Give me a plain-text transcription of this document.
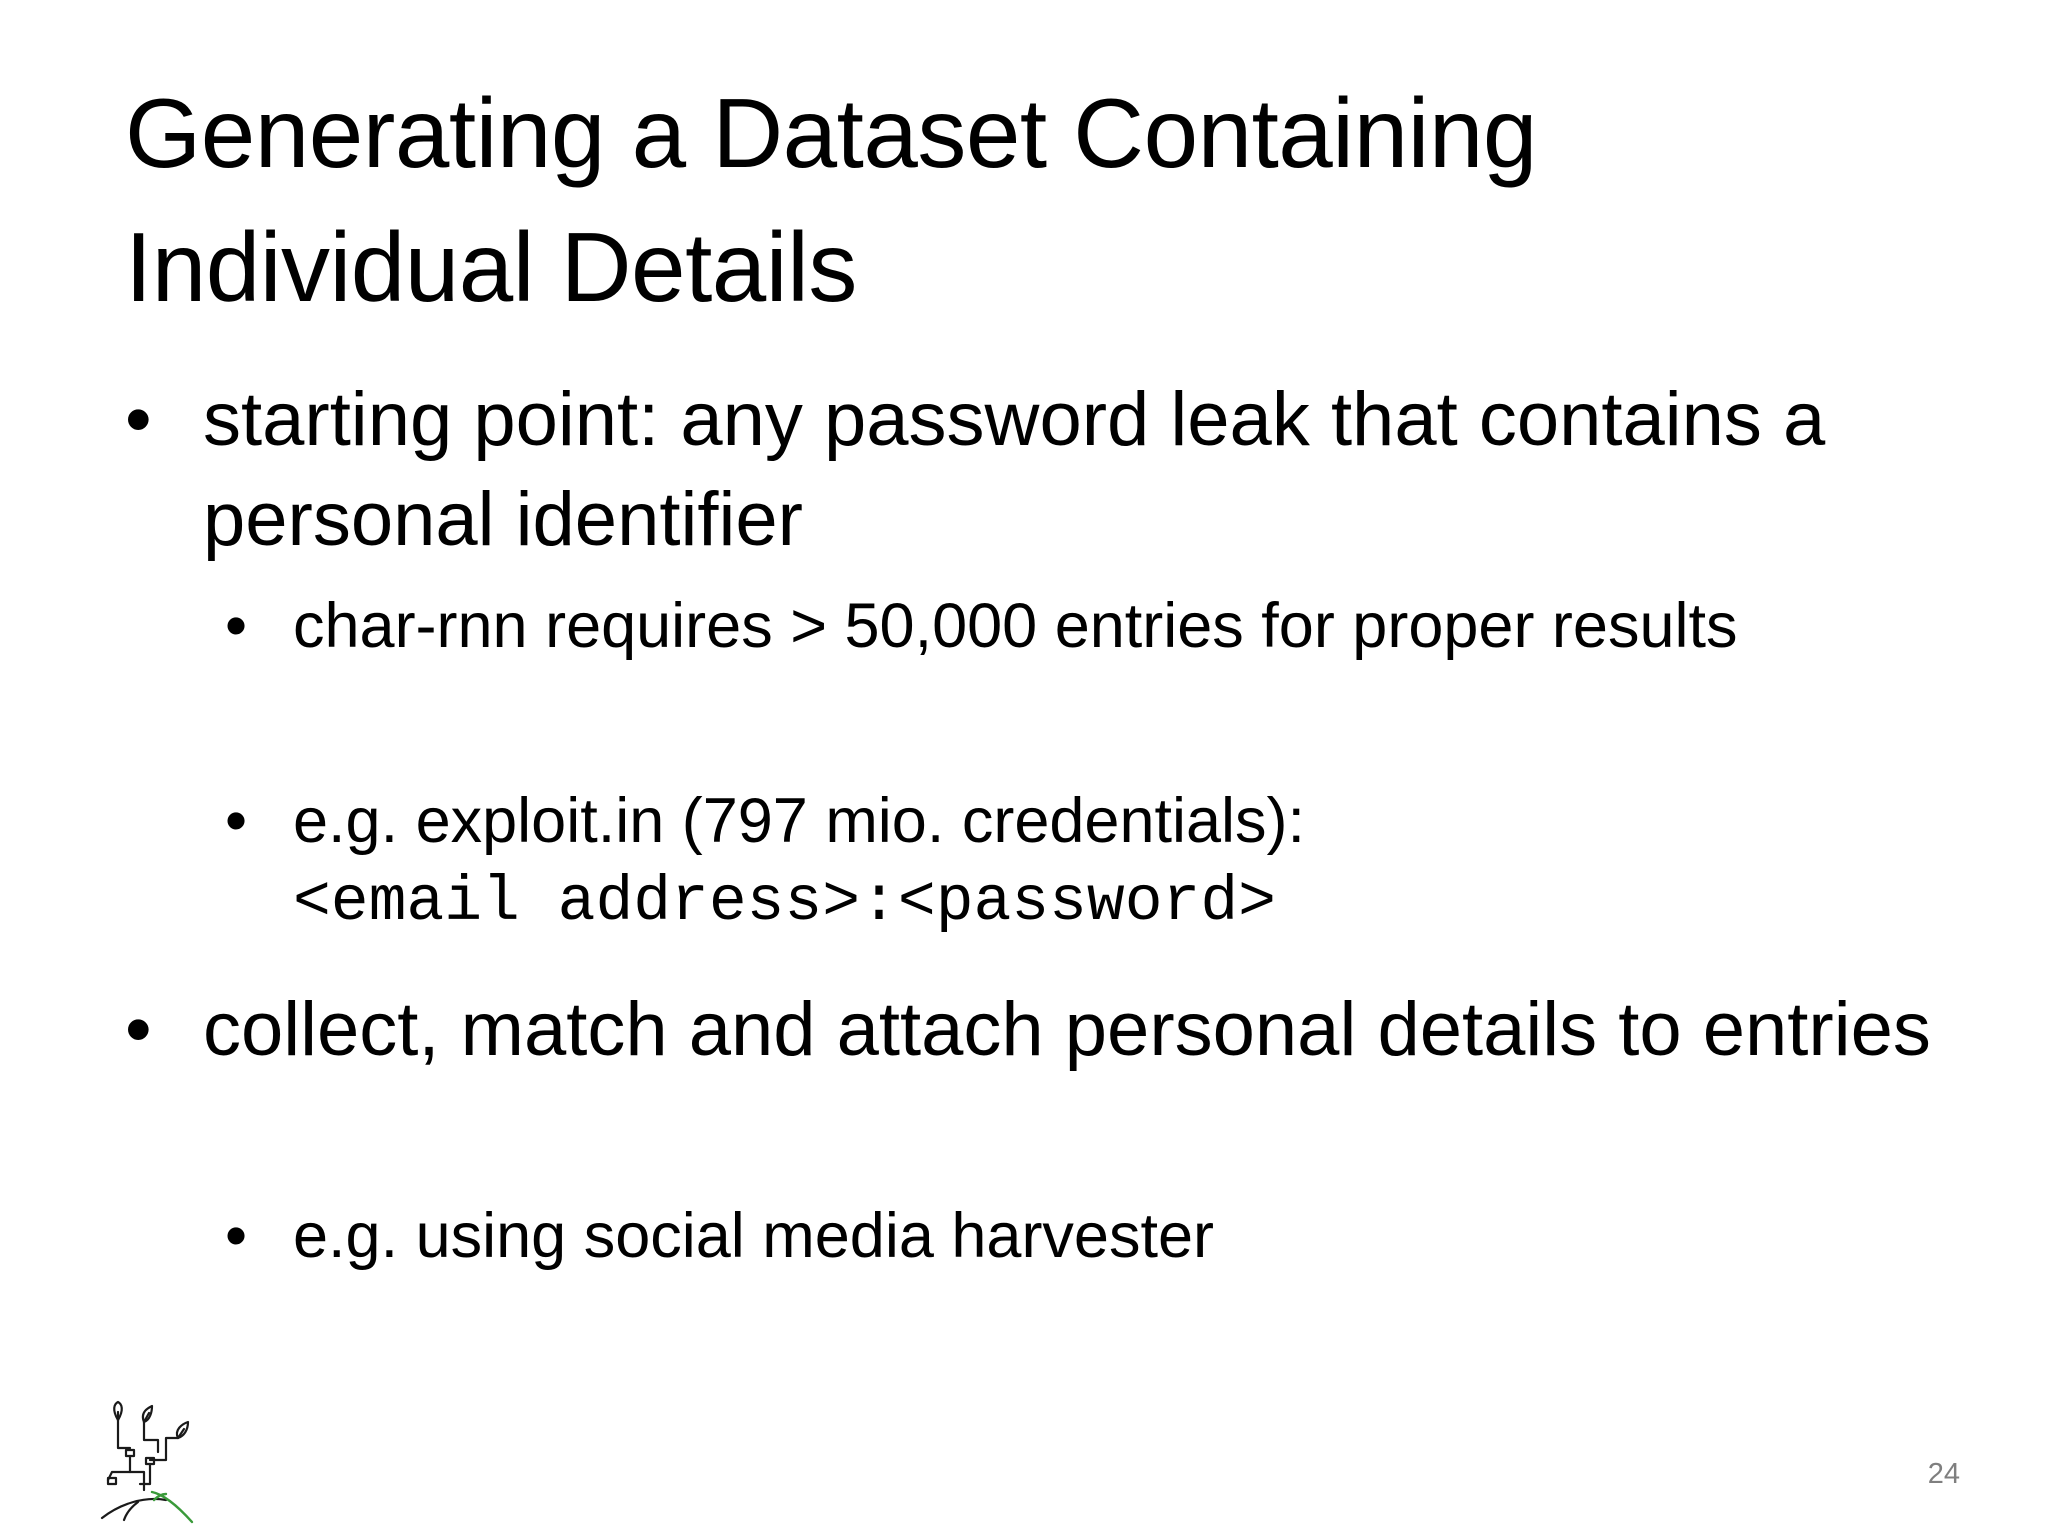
Generating a Dataset Containing
Individual Details
• starting point: any password leak that contains a personal identifier
• char-rnn requires > 50,000 entries for proper results
• e.g. exploit.in (797 mio. credentials):
<email address>:<password>
• collect, match and attach personal details to entries
• e.g. using social media harvester
24
